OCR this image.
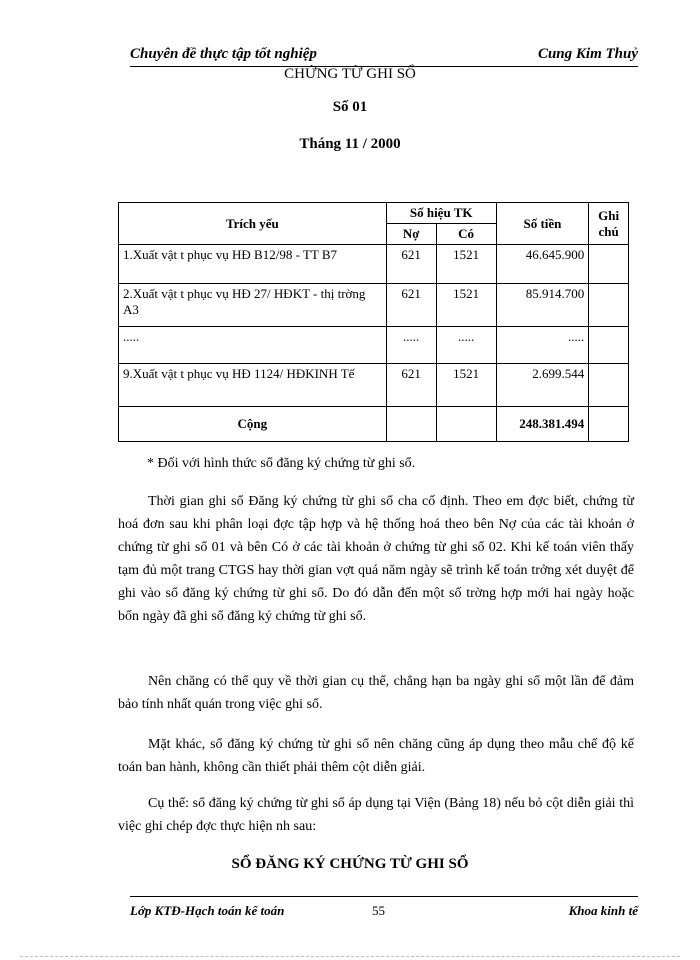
Chuyên đề thực tập tốt nghiệp	Cung Kim Thuỷ
CHỨNG TỪ GHI SỔ
Số 01
Tháng 11 / 2000
Trích yếu	Số hiệu TK		Số tiền	Ghi chú
	Nợ	Có		
1.Xuất vật t phục vụ HĐ B12/98 - TT B7	621	1521	46.645.900	
2.Xuất vật t phục vụ HĐ 27/ HĐKT - thị trờng A3	621	1521	85.914.700	
.....	.....	.....	.....	
9.Xuất vật t phục vụ HĐ 1124/ HĐKINH Tế	621	1521	2.699.544	
Cộng			248.381.494	
* Đối với hình thức sổ đăng ký chứng từ ghi sổ.
Thời gian ghi sổ Đăng ký chứng từ ghi sổ cha cố định. Theo em đợc biết, chứng từ hoá đơn sau khi phân loại đợc tập hợp và hệ thống hoá theo bên Nợ của các tài khoản ở chứng từ ghi sổ 01 và bên Có ở các tài khoản ở chứng từ ghi sổ 02. Khi kế toán viên thấy tạm đủ một trang CTGS hay thời gian vợt quá năm ngày sẽ trình kế toán trởng xét duyệt để ghi vào sổ đăng ký chứng từ ghi sổ. Do đó dẫn đến một số trờng hợp mới hai ngày hoặc bốn ngày đã ghi sổ đăng ký chứng từ ghi sổ.
Nên chăng có thể quy về thời gian cụ thể, chẳng hạn ba ngày ghi sổ một lần để đảm bảo tính nhất quán trong việc ghi sổ.
Mặt khác, sổ đăng ký chứng từ ghi sổ nên chăng cũng áp dụng theo mẫu chế độ kế toán ban hành, không cần thiết phải thêm cột diễn giải.
Cụ thể: sổ đăng ký chứng từ ghi sổ áp dụng tại Viện (Bảng 18) nếu bỏ cột diễn giải thì việc ghi chép đợc thực hiện nh sau:
SỔ ĐĂNG KÝ CHỨNG TỪ GHI SỔ
Lớp KTĐ-Hạch toán kế toán	55	Khoa kinh tế
